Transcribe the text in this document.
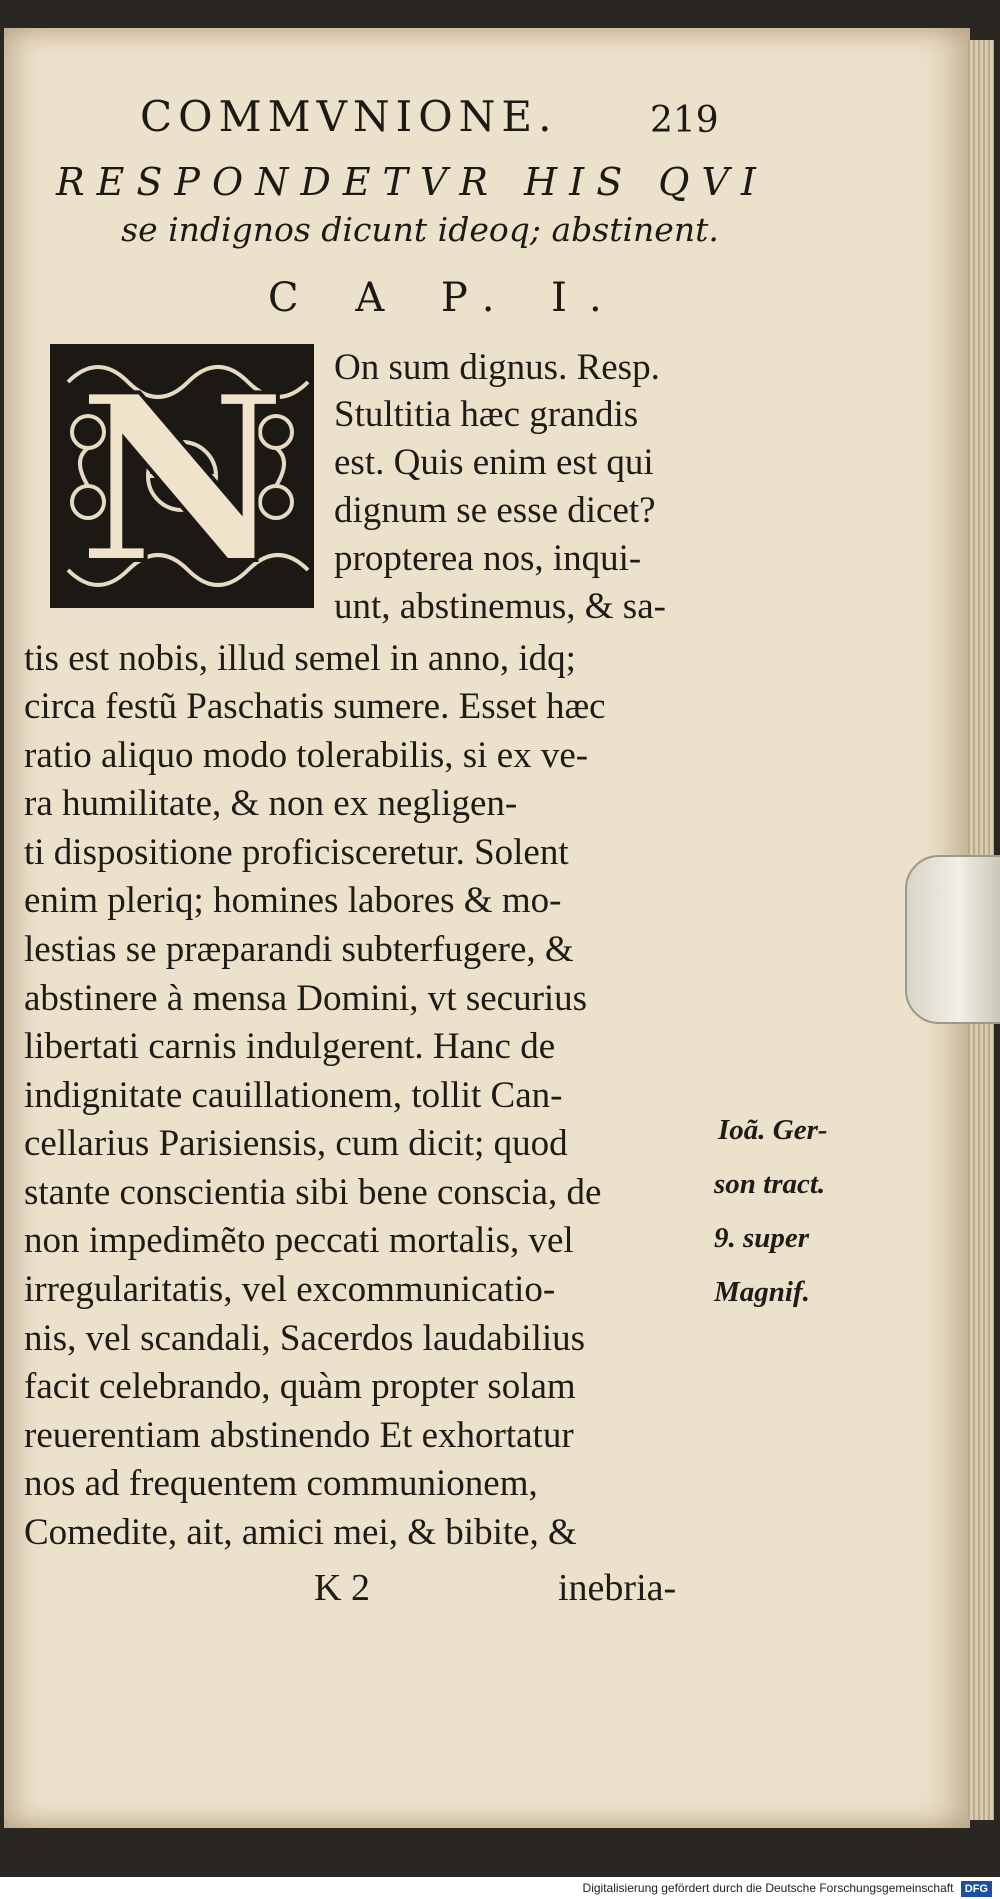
COMMVNIONE.	219
RESPONDETVR HIS QVI
se indignos dicunt ideoq; abstinent.
C A P. I.
N On sum dignus. Resp.
Stultitia hæc grandis
est. Quis enim est qui
dignum se esse dicet?
propterea nos, inqui-
unt, abstinemus, & sa-
tis est nobis, illud semel in anno, idq;
circa festũ Paschatis sumere. Esset hæc
ratio aliquo modo tolerabilis, si ex ve-
ra humilitate, & non ex negligen-
ti dispositione proficisceretur. Solent
enim pleriq; homines labores & mo-
lestias se præparandi subterfugere, &
abstinere à mensa Domini, vt securius
libertati carnis indulgerent. Hanc de
indignitate cauillationem, tollit Can-
cellarius Parisiensis, cum dicit; quod
stante conscientia sibi bene conscia, de
non impedimẽto peccati mortalis, vel
irregularitatis, vel excommunicatio-
nis, vel scandali, Sacerdos laudabilius
facit celebrando, quàm propter solam
reuerentiam abstinendo Et exhortatur
nos ad frequentem communionem,
Comedite, ait, amici mei, & bibite, &
Ioã. Ger-
son tract.
9. super
Magnif.
K 2	inebria-
Digitalisierung gefördert durch die Deutsche Forschungsgemeinschaft DFG
